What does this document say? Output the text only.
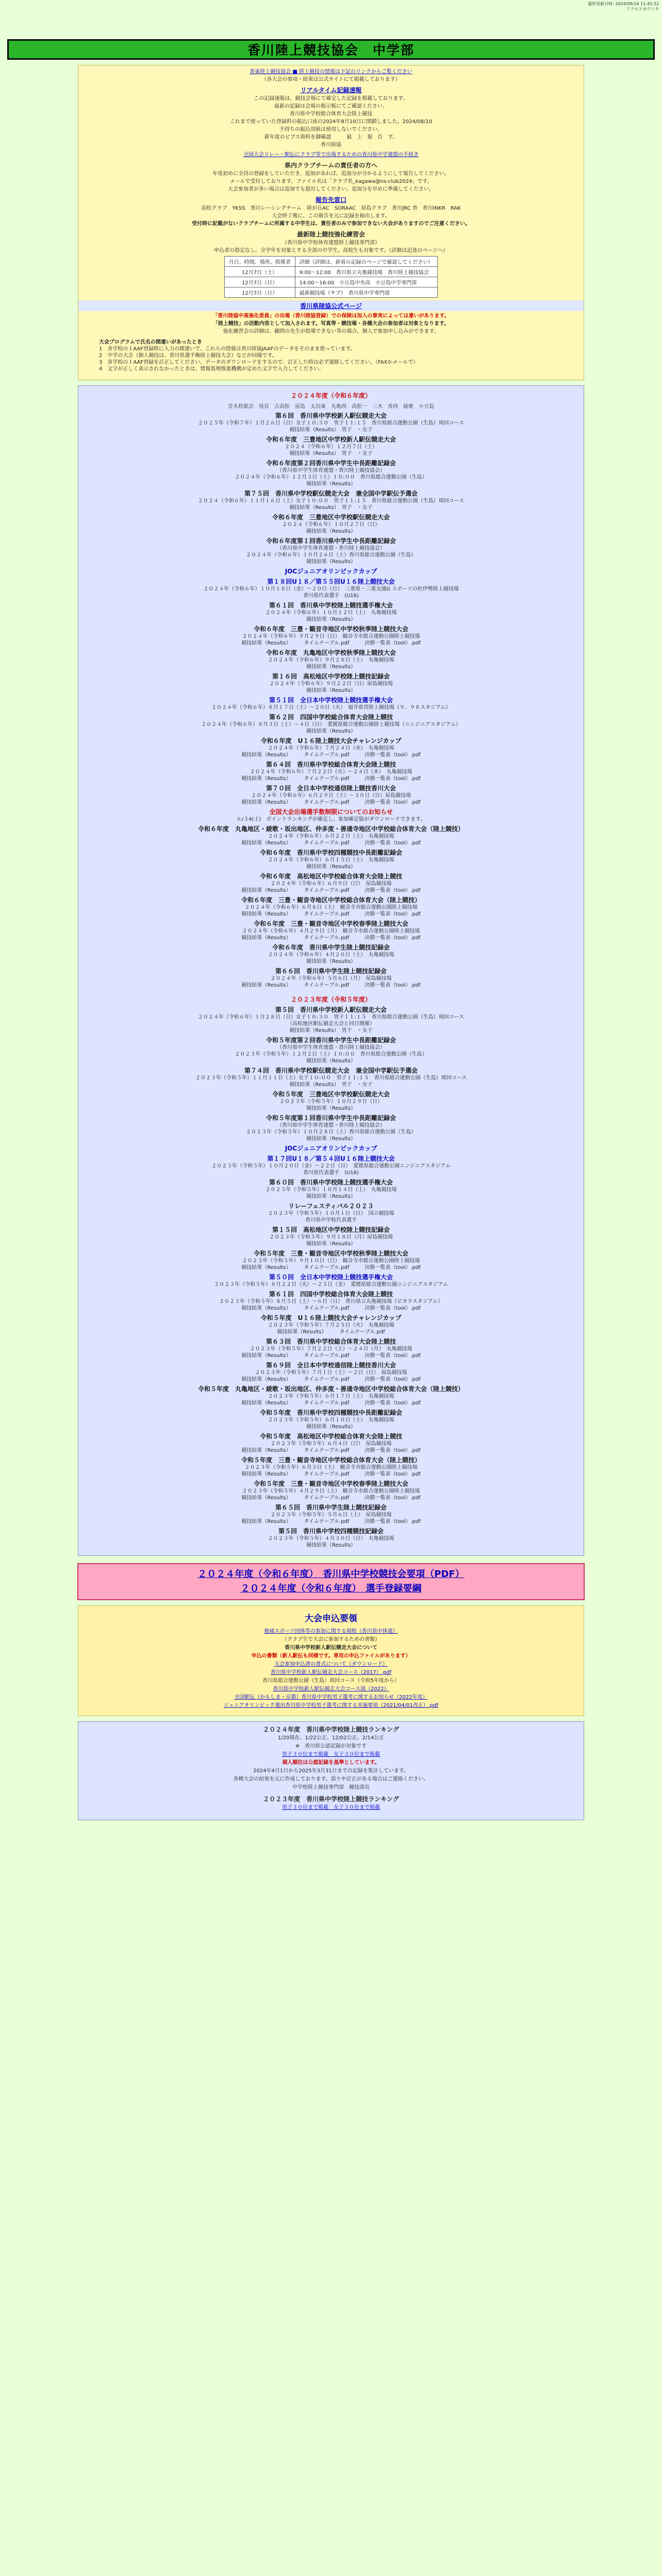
最終更新日時: 2024/09/24 11:45:32
アクセスカウンタ
香川陸上競技協会　中学部

香東陸上競技協会 ■ 陸上競技の情報は下記のリンクからご覧ください

（各大会の要項・結果は公式サイトにて掲載しております）

リアルタイム記録速報

この記録速報は、競技会場にて確定した記録を掲載しております。

最新の記録は会場の掲示板にてご確認ください。

香川県中学校総合体育大会陸上競技

これまで使っていた登録料の振込口座の2024年8月10日に閉鎖しました。2024/08/10

手持ちの振込用紙は使用しないでください。

新年度のビブス資料を御確認　　　最　上　報　告　す。

香川陸協

全国大会リレー・駅伝にクラブ等で出場するための香川県中学連盟の手続き

県内クラブチームの責任者の方へ

年度初めに全員の登録をしていただき、追加があれば、追加分が分かるようにして報告してください。

メールで受付しております。ファイル名は「クラブ名_kagawa@ns-club2024」です。

大会参加者が多い場合は追加でも提出してください。追加分を早めに準備してください。

報告先窓口

高松クラブ　YKSS　香川レーシングチーム　陸が丘AC　SORAAC　屋島クラブ　香川JRC 香　香川INKR　RAK

大会終了後に、この報告を元に記録を抽出します。

受付時に記載がないクラブチームに所属する中学生は、責任者のみで参加できない大会がありますのでご注意ください。

最新陸上競技強化練習会

（香川県中学校体育連盟陸上競技専門部）

申込者の指定なし。全学年を対象とする全部の中学生。高校生も対象です。（詳細は記述のページへ）

月日、時間、場所、指導者	詳細（詳細は、新着の記録のページで確認してください）
12月7日（土）	9:00～12:00　香川県立丸亀競技場　香川陸上競技協会
12月7日（日）	14:00～16:00　小豆島中央高　小豆島中学専門部
12月7日（日）	最新競技場（サブ）　香川県中学専門部
香川県陸協公式ページ

「香川陸協中高強化委員」の出場（香川陸協登録）での保険は加入の事実によっては違いがあります。

「陸上競技」の活動内容として加入されます。写真等・競技場・各種大会の参加者は対象となります。

強化練習会の詳細は、顧問の先生が指導できない等の場合、個人で参加申し込みができます。

大会プログラムで氏名の間違いがあったとき
1　各学校の１AAF登録時に入力の間違いで、これらの情報は香川陸協JAAFのデータをそのまま使っています。
2　中学の大会（個人競技は、香川県選手権陸上競技大会）などが同様です。
3　各学校の１AAF登録を訂正してください。データのダウンロードをするので、訂正した時は必ず連絡してください。（FAXかメールで）
4　文字が正しく表示されなかったときは、情報処理推進機構が定めた文字で入力してください。
２０２４年度（令和６年度）
青木枚総会　役員　古高松　屋島　太田東　丸亀西　高松一　三木　香西　綾歌　小豆島
第６回　香川県中学校新人駅伝競走大会
２０２５年（令和７年）１月２６日（日）女子１０:３０　男子１１:１５　香川県総合運動公園（生島）周回コース
競技結果（Results）　男子　・女子
令和６年度　三豊地区中学校新人駅伝競走大会
２０２４（令和６年）１２月７日（土）
競技結果（Results）　男子　・女子
令和６年度第２回香川県中学生中長距離記録会
（香川県中学生体育連盟・香川陸上競技協会）
２０２４年（令和６年）１２月３日（土）１０:００　香川県総合運動公園（生島）
競技結果（Results）
第７５回　香川県中学校駅伝競走大会　兼全国中学駅伝予選会
２０２４（令和６年）１１月１６日（土）女子１０:００　男子１１:１５　香川県総合運動公園（生島）周回コース
競技結果（Results）　男子　・女子
令和６年度　三豊地区中学校駅伝競走大会
２０２４（令和６年）１０月２７日（日）
競技結果（Results）
令和６年度第１回香川県中学生中長距離記録会
（香川県中学生体育連盟・香川陸上競技協会）
２０２４年（令和６年）１０月２６日（土）香川県総合運動公園（生島）
競技結果（Results）
JOCジュニアオリンピックカップ
第１８回U１８／第５５回U１６陸上競技大会
２０２４年（令和６年）１０月１８日（金）～２０日（日）　三重県・三重交通G スポーツの杜伊勢陸上競技場
香川県代表選手　(U16)
第６１回　香川県中学校陸上競技選手権大会
２０２４年（令和６年）１０月１２日（土）　丸亀競技場
競技結果（Results）
令和６年度　三豊・観音寺地区中学校秋季陸上競技大会
２０２４年（令和６年）９月２９日（日）　観音寺市総合運動公園陸上競技場
競技結果（Results）　　　タイムテーブル.pdf　　　決勝一覧表（tool）.pdf
令和６年度　丸亀地区中学校秋季陸上競技大会
２０２４年（令和６年）９月２８日（土）　丸亀競技場
競技結果（Results）
第１６回　高松地区中学校陸上競技記録会
２０２４年（令和６年）９月２２日（日）屋島競技場
競技結果（Results）
第５１回　全日本中学校陸上競技選手権大会
２０２４年（令和６年）８月１７日（土）～２０日（火）　福井県営陸上競技場（９．９８スタジアム）
第６２回　四国中学校総合体育大会陸上競技
２０２４年（令和６年）８月３日（土）～４日（日）　愛媛県総合運動公園陸上競技場（ニンジニアスタジアム）
競技結果（Results）
令和６年度　U１６陸上競技大会チャレンジカップ
２０２４年（令和６年）７月２４日（水）　丸亀競技場
競技結果（Results）　　　タイムテーブル.pdf　　　決勝一覧表（tool）.pdf
第６４回　香川県中学校総合体育大会陸上競技
２０２４年（令和６年）７月２２日（火）～２４日（水）　丸亀競技場
競技結果（Results）　　　タイムテーブル.pdf　　　決勝一覧表（tool）.pdf
第７０回　全日本中学校通信陸上競技香川大会
２０２４年（令和６年）６月２９日（土）～３０日（日）屋島競技場
競技結果（Results）　　　タイムテーブル.pdf　　　決勝一覧表（tool）.pdf
全国大会出場選手数制限についてのお知らせ
６/３4(土)　ポイントランキングが確定し、参加確定版がダウンロードできます。
令和６年度　丸亀地区・綾歌・坂出地区、仲多度・善通寺地区中学校総合体育大会（陸上競技）
２０２４年（令和６年）６月２２日（土）　丸亀競技場
競技結果（Results）　　　タイムテーブル.pdf　　　決勝一覧表（tool）.pdf
令和６年度　香川県中学校四種競技中長距離記録会
２０２４年（令和６年）６月１５日（土）　丸亀競技場
競技結果（Results）
令和６年度　高松地区中学校総合体育大会陸上競技
２０２４年（令和６年）６月９日（日）　屋島競技場
競技結果（Results）　　　タイムテーブル.pdf　　　決勝一覧表（tool）.pdf
令和６年度　三豊・観音寺地区中学校総合体育大会（陸上競技）
２０２４年（令和６年）６月８日（土）　観音寺市総合運動公園陸上競技場
競技結果（Results）　　　タイムテーブル.pdf　　　決勝一覧表（tool）.pdf
令和６年度　三豊・観音寺地区中学校春季陸上競技大会
２０２４年（令和６年）４月２９日（月）　観音寺市総合運動公園陸上競技場
競技結果（Results）　　　タイムテーブル.pdf　　　決勝一覧表（tool）.pdf
令和６年度　香川県中学生陸上競技記録会
２０２４年（令和６年）４月２０日（土）　丸亀競技場
競技結果（Results）
第６６回　香川県中学生陸上競技記録会
２０２４年（令和６年）５月６日（月）　屋島競技場
競技結果（Results）　　　タイムテーブル.pdf　　　決勝一覧表（tool）.pdf
２０２３年度（令和５年度）
第５回　香川県中学校新人駅伝競走大会
２０２４年（令和６年）１月２８日（日）女子１０:３０　男子１１:１５　香川県総合運動公園（生島）周回コース
（高松地区駅伝競走大会と同日開催）
競技結果（Results）　男子　・女子
令和５年度第２回香川県中学生中長距離記録会
（香川県中学生体育連盟・香川陸上競技協会）
２０２３年（令和５年）１２月２日（土）１０:００　香川県総合運動公園（生島）
競技結果（Results）
第７４回　香川県中学校駅伝競走大会　兼全国中学駅伝予選会
２０２３年（令和５年）１１月１１日（土）女子１０:００　男子１１:１５　香川県総合運動公園（生島）周回コース
競技結果（Results）　男子　・女子
令和５年度　三豊地区中学校駅伝競走大会
２０２３年（令和５年）１０月２９日（日）
競技結果（Results）
令和５年度第１回香川県中学生中長距離記録会
（香川県中学生体育連盟・香川陸上競技協会）
２０２３年（令和５年）１０月２８日（土）香川県総合運動公園（生島）
競技結果（Results）
JOCジュニアオリンピックカップ
第１７回U１８／第５４回U１６陸上競技大会
２０２３年（令和５年）１０月２０日（金）～２２日（日）　愛媛県総合運動公園ニンジニアスタジアム
香川県代表選手　(U16)
第６０回　香川県中学校陸上競技選手権大会
２０２３年（令和５年）１０月１４日（土）　丸亀競技場
競技結果（Results）
リレーフェスティバル２０２３
２０２３年（令和５年）１０月１日（日）　国立競技場
香川県中学校代表選手
第１５回　高松地区中学校陸上競技記録会
２０２３年（令和５年）９月１８日（月）屋島競技場
競技結果（Results）
令和５年度　三豊・観音寺地区中学校秋季陸上競技大会
２０２３年（令和５年）９月１０日（日）　観音寺市総合運動公園陸上競技場
競技結果（Results）　　　タイムテーブル.pdf　　　決勝一覧表（tool）.pdf
第５０回　全日本中学校陸上競技選手権大会
２０２３年（令和５年）８月２２日（火）～２５日（金）　愛媛県総合運動公園ニンジニアスタジアム
第６１回　四国中学校総合体育大会陸上競技
２０２３年（令和５年）８月５日（土）～６日（日）　香川県立丸亀競技場（ピカラスタジアム）
競技結果（Results）　　　タイムテーブル.pdf　　　決勝一覧表（tool）.pdf
令和５年度　U１６陸上競技大会チャレンジカップ
２０２３年（令和５年）７月２５日（火）　丸亀競技場
競技結果（Results）　　　タイムテーブル.pdf
第６３回　香川県中学校総合体育大会陸上競技
２０２３年（令和５年）７月２２日（土）～２４日（月）　丸亀競技場
競技結果（Results）　　　タイムテーブル.pdf　　　決勝一覧表（tool）.pdf
第６９回　全日本中学校通信陸上競技香川大会
２０２３年（令和５年）７月１日（土）～２日（日）　屋島競技場
競技結果（Results）　　　タイムテーブル.pdf　　　決勝一覧表（tool）.pdf
令和５年度　丸亀地区・綾歌・坂出地区、仲多度・善通寺地区中学校総合体育大会（陸上競技）
２０２３年（令和５年）６月１７日（土）　丸亀競技場
競技結果（Results）　　　タイムテーブル.pdf　　　決勝一覧表（tool）.pdf
令和５年度　香川県中学校四種競技中長距離記録会
２０２３年（令和５年）６月１０日（土）　丸亀競技場
競技結果（Results）
令和５年度　高松地区中学校総合体育大会陸上競技
２０２３年（令和５年）６月４日（日）　屋島競技場
競技結果（Results）　　　タイムテーブル.pdf　　　決勝一覧表（tool）.pdf
令和５年度　三豊・観音寺地区中学校総合体育大会（陸上競技）
２０２３年（令和５年）６月３日（土）　観音寺市総合運動公園陸上競技場
競技結果（Results）　　　タイムテーブル.pdf　　　決勝一覧表（tool）.pdf
令和５年度　三豊・観音寺地区中学校春季陸上競技大会
２０２３年（令和５年）４月２９日（土）　観音寺市総合運動公園陸上競技場
競技結果（Results）　　　タイムテーブル.pdf　　　決勝一覧表（tool）.pdf
第６５回　香川県中学生陸上競技記録会
２０２３年（令和５年）５月６日（土）　屋島競技場
競技結果（Results）　　　タイムテーブル.pdf　　　決勝一覧表（tool）.pdf
第５回　香川県中学校四種競技記録会
２０２３年（令和５年）４月３０日（日）　丸亀競技場
競技結果（Results）
２０２４年度（令和６年度）　香川県中学校競技会要項（PDF）
２０２４年度（令和６年度）　選手登録要綱
大会申込要領

地域スポーツ団体等の参加に関する規程（香川県中体連）

（クラブ生で大会に参加するための書類）

香川県中学校新人駅伝競走大会について

申込の書類（新人駅伝も同様です。専用の申込ファイルがあります）

大会参加申込書の書式について（ダウンロード）

香川県中学校新人駅伝競走大会コース（2017）.pdf

香川県総合運動公園（生島）周回コース（令和5年度から）

香川県中学校新人駅伝競走大会コース図（2022）

全国駅伝（かもしま・京都）香川県中学校男子選考に関するお知らせ（2022年度）

ジュニアオリンピック選出香川県中学校男子選考に関する実施要項（2021/04/01改正）.pdf

２０２４年度　香川県中学校陸上競技ランキング

1/20現在、1/22公正、12/02公正、2/14公正

※　香川県公認記録が対象です

男子３０位まで掲載　女子３０位まで掲載

個人順位は公認記録を基準としています。

2024年4月1日から2025年3月31日までの記録を集計しています。

各種大会の結果を元に作成しております。誤りや訂正がある場合はご連絡ください。

中学校陸上競技専門部　競技部長

２０２３年度　香川県中学校陸上競技ランキング

男子３０位まで掲載　女子３０位まで掲載
